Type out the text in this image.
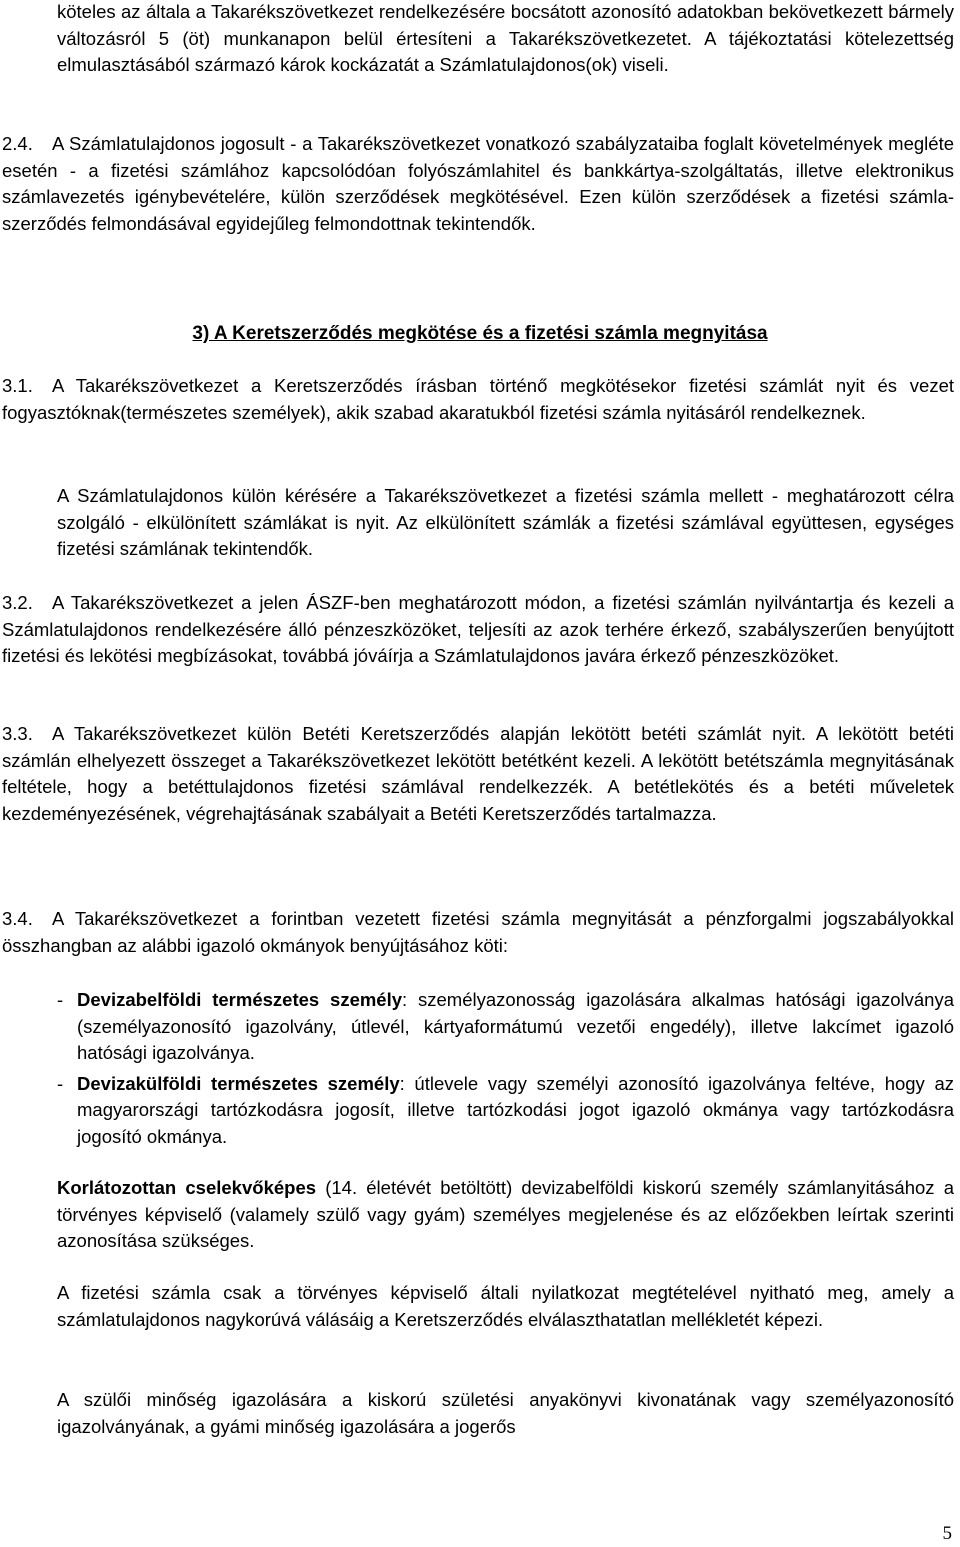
köteles az általa a Takarékszövetkezet rendelkezésére bocsátott azonosító adatokban bekövetkezett bármely változásról 5 (öt) munkanapon belül értesíteni a Takarékszövetkezetet. A tájékoztatási kötelezettség elmulasztásából származó károk kockázatát a Számlatulajdonos(ok) viseli.

2.4. A Számlatulajdonos jogosult - a Takarékszövetkezet vonatkozó szabályzataiba foglalt követelmények megléte esetén - a fizetési számlához kapcsolódóan folyószámlahitel és bankkártya-szolgáltatás, illetve elektronikus számlavezetés igénybevételére, külön szerződések megkötésével. Ezen külön szerződések a fizetési számla-szerződés felmondásával egyidejűleg felmondottnak tekintendők.

3) A Keretszerződés megkötése és a fizetési számla megnyitása

3.1. A Takarékszövetkezet a Keretszerződés írásban történő megkötésekor fizetési számlát nyit és vezet fogyasztóknak(természetes személyek), akik szabad akaratukból fizetési számla nyitásáról rendelkeznek.

A Számlatulajdonos külön kérésére a Takarékszövetkezet a fizetési számla mellett - meghatározott célra szolgáló - elkülönített számlákat is nyit. Az elkülönített számlák a fizetési számlával együttesen, egységes fizetési számlának tekintendők.

3.2. A Takarékszövetkezet a jelen ÁSZF-ben meghatározott módon, a fizetési számlán nyilvántartja és kezeli a Számlatulajdonos rendelkezésére álló pénzeszközöket, teljesíti az azok terhére érkező, szabályszerűen benyújtott fizetési és lekötési megbízásokat, továbbá jóváírja a Számlatulajdonos javára érkező pénzeszközöket.

3.3. A Takarékszövetkezet külön Betéti Keretszerződés alapján lekötött betéti számlát nyit. A lekötött betéti számlán elhelyezett összeget a Takarékszövetkezet lekötött betétként kezeli. A lekötött betétszámla megnyitásának feltétele, hogy a betéttulajdonos fizetési számlával rendelkezzék. A betétlekötés és a betéti műveletek kezdeményezésének, végrehajtásának szabályait a Betéti Keretszerződés tartalmazza.

3.4. A Takarékszövetkezet a forintban vezetett fizetési számla megnyitását a pénzforgalmi jogszabályokkal összhangban az alábbi igazoló okmányok benyújtásához köti:

- Devizabelföldi természetes személy: személyazonosság igazolására alkalmas hatósági igazolványa (személyazonosító igazolvány, útlevél, kártyaformátumú vezetői engedély), illetve lakcímet igazoló hatósági igazolványa.
- Devizakülföldi természetes személy: útlevele vagy személyi azonosító igazolványa feltéve, hogy az magyarországi tartózkodásra jogosít, illetve tartózkodási jogot igazoló okmánya vagy tartózkodásra jogosító okmánya.

Korlátozottan cselekvőképes (14. életévét betöltött) devizabelföldi kiskorú személy számlanyitásához a törvényes képviselő (valamely szülő vagy gyám) személyes megjelenése és az előzőekben leírtak szerinti azonosítása szükséges.

A fizetési számla csak a törvényes képviselő általi nyilatkozat megtételével nyitható meg, amely a számlatulajdonos nagykorúvá válásáig a Keretszerződés elválaszthatatlan mellékletét képezi.

A szülői minőség igazolására a kiskorú születési anyakönyvi kivonatának vagy személyazonosító igazolványának, a gyámi minőség igazolására a jogerős

5
